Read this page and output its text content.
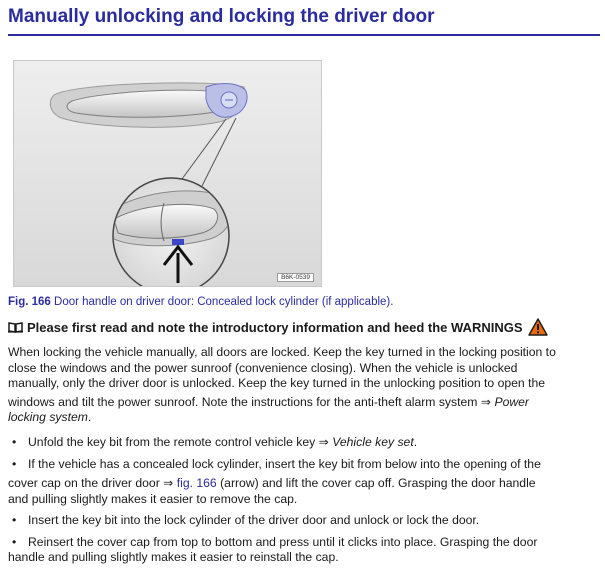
Manually unlocking and locking the driver door
B6K-0539
Fig. 166 Door handle on driver door: Concealed lock cylinder (if applicable).
Please first read and note the introductory information and heed the WARNINGS
When locking the vehicle manually, all doors are locked. Keep the key turned in the locking position to
close the windows and the power sunroof (convenience closing). When the vehicle is unlocked
manually, only the driver door is unlocked. Keep the key turned in the unlocking position to open the
windows and tilt the power sunroof. Note the instructions for the anti-theft alarm system ⇒ Power
locking system.
• Unfold the key bit from the remote control vehicle key ⇒ Vehicle key set.
• If the vehicle has a concealed lock cylinder, insert the key bit from below into the opening of the
cover cap on the driver door ⇒ fig. 166 (arrow) and lift the cover cap off. Grasping the door handle
and pulling slightly makes it easier to remove the cap.
• Insert the key bit into the lock cylinder of the driver door and unlock or lock the door.
• Reinsert the cover cap from top to bottom and press until it clicks into place. Grasping the door
handle and pulling slightly makes it easier to reinstall the cap.
